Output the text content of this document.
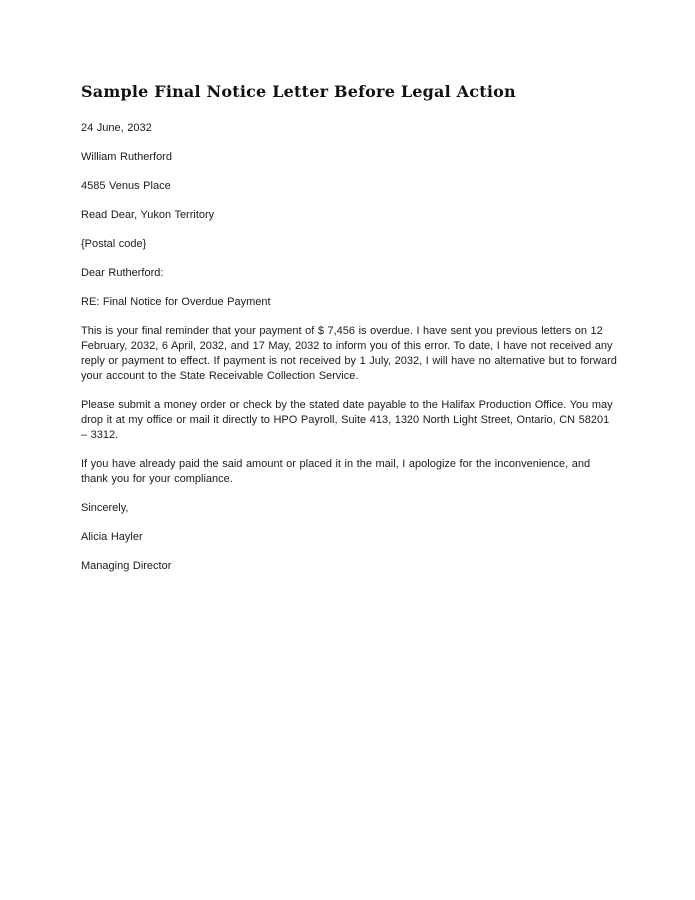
Sample Final Notice Letter Before Legal Action

24 June, 2032

William Rutherford

4585 Venus Place

Read Dear, Yukon Territory

{Postal code}

Dear Rutherford:

RE: Final Notice for Overdue Payment

This is your final reminder that your payment of $ 7,456 is overdue. I have sent you previous letters on 12 February, 2032, 6 April, 2032, and 17 May, 2032 to inform you of this error. To date, I have not received any reply or payment to effect. If payment is not received by 1 July, 2032, I will have no alternative but to forward your account to the State Receivable Collection Service.

Please submit a money order or check by the stated date payable to the Halifax Production Office. You may drop it at my office or mail it directly to HPO Payroll, Suite 413, 1320 North Light Street, Ontario, CN 58201 – 3312.

If you have already paid the said amount or placed it in the mail, I apologize for the inconvenience, and thank you for your compliance.

Sincerely,

Alicia Hayler

Managing Director
